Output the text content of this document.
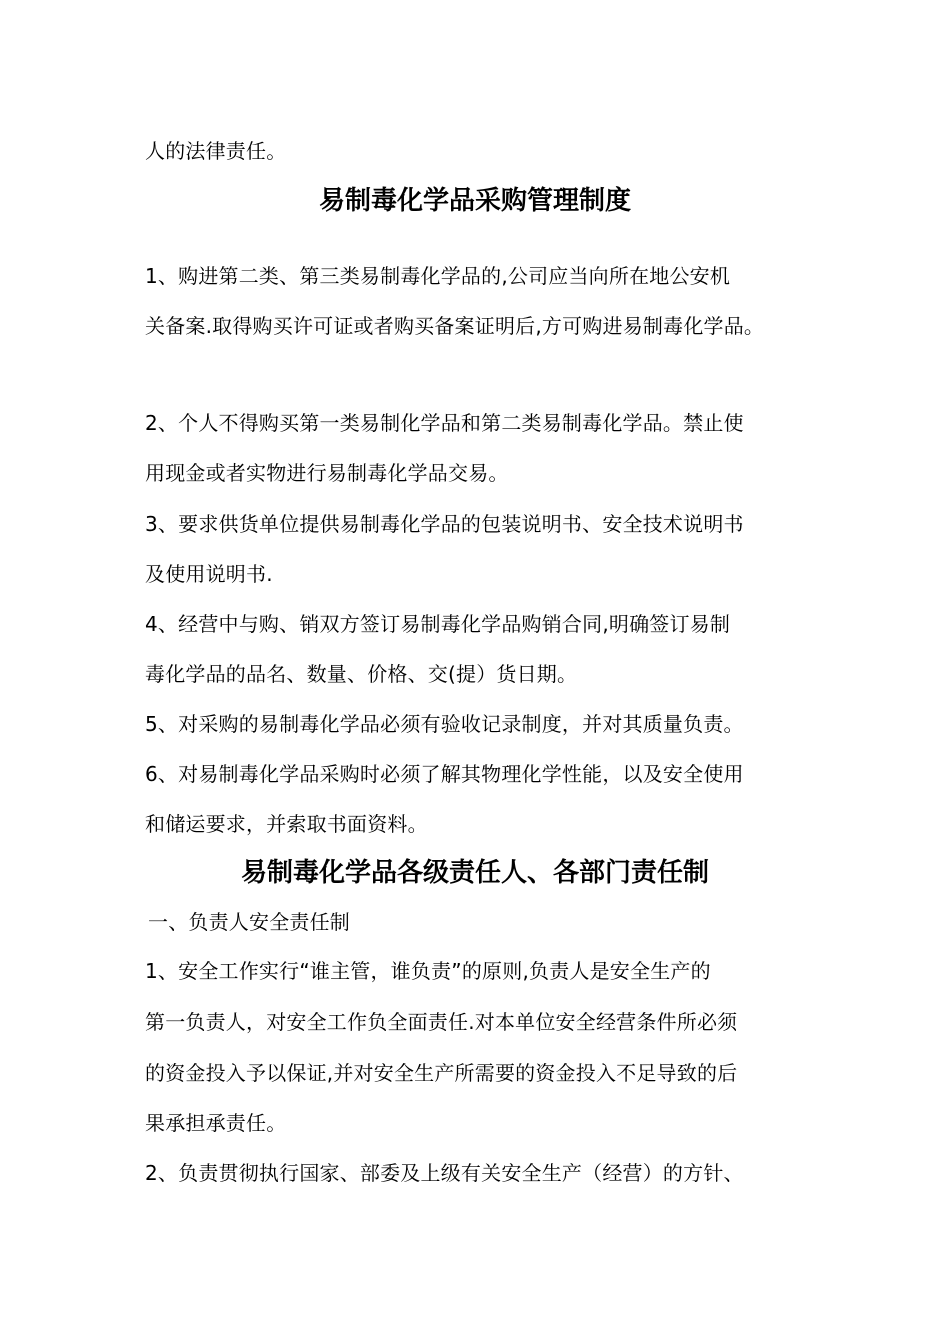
人的法律责任。
易制毒化学品采购管理制度
1、购进第二类、第三类易制毒化学品的,公司应当向所在地公安机
关备案.取得购买许可证或者购买备案证明后,方可购进易制毒化学品。
2、个人不得购买第一类易制化学品和第二类易制毒化学品。禁止使
用现金或者实物进行易制毒化学品交易。
3、要求供货单位提供易制毒化学品的包装说明书、安全技术说明书
及使用说明书.
4、经营中与购、销双方签订易制毒化学品购销合同,明确签订易制
毒化学品的品名、数量、价格、交(提）货日期。
5、对采购的易制毒化学品必须有验收记录制度，并对其质量负责。
6、对易制毒化学品采购时必须了解其物理化学性能，以及安全使用
和储运要求，并索取书面资料。
易制毒化学品各级责任人、各部门责任制
一、负责人安全责任制
1、安全工作实行“谁主管，谁负责”的原则,负责人是安全生产的
第一负责人，对安全工作负全面责任.对本单位安全经营条件所必须
的资金投入予以保证,并对安全生产所需要的资金投入不足导致的后
果承担承责任。
2、负责贯彻执行国家、部委及上级有关安全生产（经营）的方针、
